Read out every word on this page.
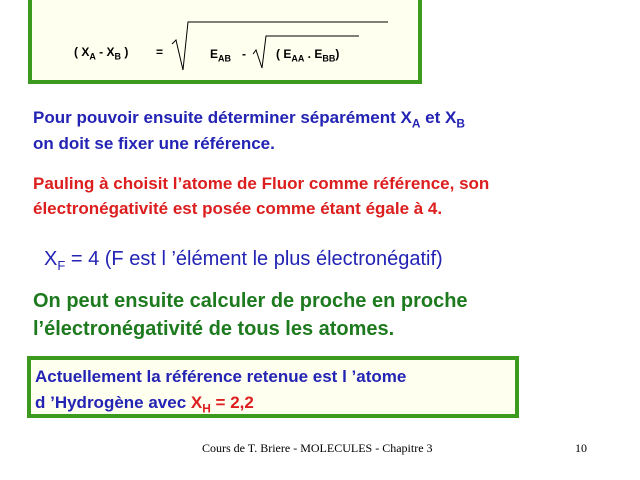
( $X_A - X_B$ ) =	$E_{AB}$ -	( $E_{AA}$ . $E_{BB}$)

Pour pouvoir ensuite déterminer séparément $X_A$ et $X_B$

on doit se fixer une référence.

Pauling à choisit l’atome de Fluor comme référence, son

électronégativité est posée comme étant égale à 4.

$X_F = 4$ (F est l ’élément le plus électronégatif)

On peut ensuite calculer de proche en proche

l’électronégativité de tous les atomes.

Actuellement la référence retenue est l ’atome

d ’Hydrogène avec $X_H = 2,2$

Cours de T. Briere - MOLECULES - Chapitre 3	10
